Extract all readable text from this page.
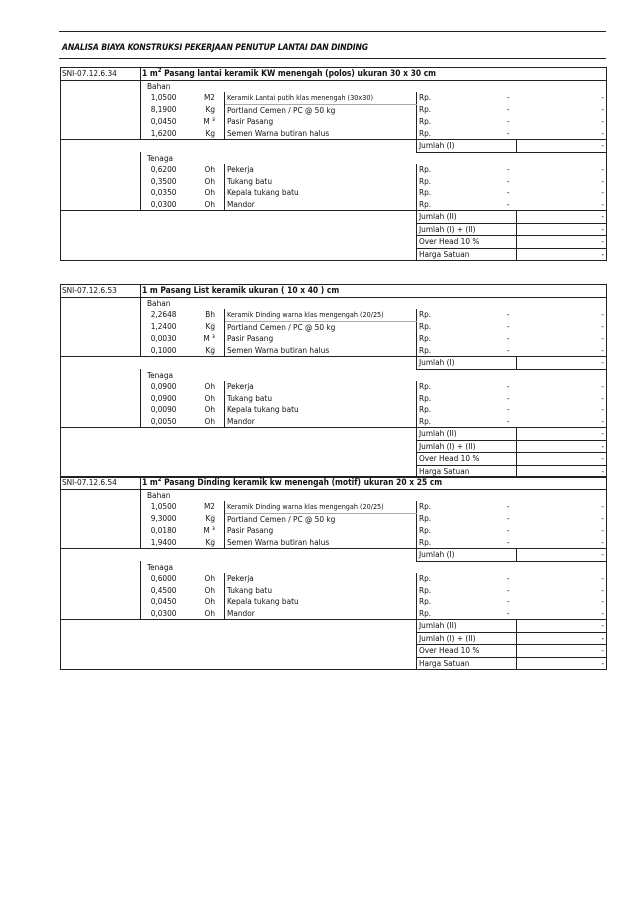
ANALISA BIAYA KONSTRUKSI PEKERJAAN PENUTUP LANTAI DAN DINDING
SNI-07.12.6.34	1 $m^2$ Pasang lantai keramik KW menengah (polos) ukuran 30 x 30 cm				
	Bahan				
	1,0500	M2	Keramik Lantai putih klas menengah (30x30)	Rp. -	-
	8,1900	Kg	Portland Cemen / PC @ 50 kg	Rp. -	-
	0,0450	M ³	Pasir Pasang	Rp. -	-
	1,6200	Kg	Semen Warna butiran halus	Rp. -	-
				Jumlah (I)	-
	Tenaga				
	0,6200	Oh	Pekerja	Rp. -	-
	0,3500	Oh	Tukang batu	Rp. -	-
	0,0350	Oh	Kepala tukang batu	Rp. -	-
	0,0300	Oh	Mandor	Rp. -	-
				Jumlah (II)	-
				Jumlah (I) + (II)	-
				Over Head 10 %	-
				Harga Satuan	-
SNI-07.12.6.53	1 m Pasang List keramik ukuran ( 10 x 40 ) cm				
	Bahan				
	2,2648	Bh	Keramik Dinding warna klas mengengah (20/25)	Rp. -	-
	1,2400	Kg	Portland Cemen / PC @ 50 kg	Rp. -	-
	0,0030	M ³	Pasir Pasang	Rp. -	-
	0,1000	Kg	Semen Warna butiran halus	Rp. -	-
				Jumlah (I)	-
	Tenaga				
	0,0900	Oh	Pekerja	Rp. -	-
	0,0900	Oh	Tukang batu	Rp. -	-
	0,0090	Oh	Kepala tukang batu	Rp. -	-
	0,0050	Oh	Mandor	Rp. -	-
				Jumlah (II)	-
				Jumlah (I) + (II)	-
				Over Head 10 %	-
				Harga Satuan	-
SNI-07.12.6.54	1 $m^2$ Pasang Dinding keramik kw menengah (motif) ukuran 20 x 25 cm				
	Bahan				
	1,0500	M2	Keramik Dinding warna klas mengengah (20/25)	Rp. -	-
	9,3000	Kg	Portland Cemen / PC @ 50 kg	Rp. -	-
	0,0180	M ³	Pasir Pasang	Rp. -	-
	1,9400	Kg	Semen Warna butiran halus	Rp. -	-
				Jumlah (I)	-
	Tenaga				
	0,6000	Oh	Pekerja	Rp. -	-
	0,4500	Oh	Tukang batu	Rp. -	-
	0,0450	Oh	Kepala tukang batu	Rp. -	-
	0,0300	Oh	Mandor	Rp. -	-
				Jumlah (II)	-
				Jumlah (I) + (II)	-
				Over Head 10 %	-
				Harga Satuan	-
